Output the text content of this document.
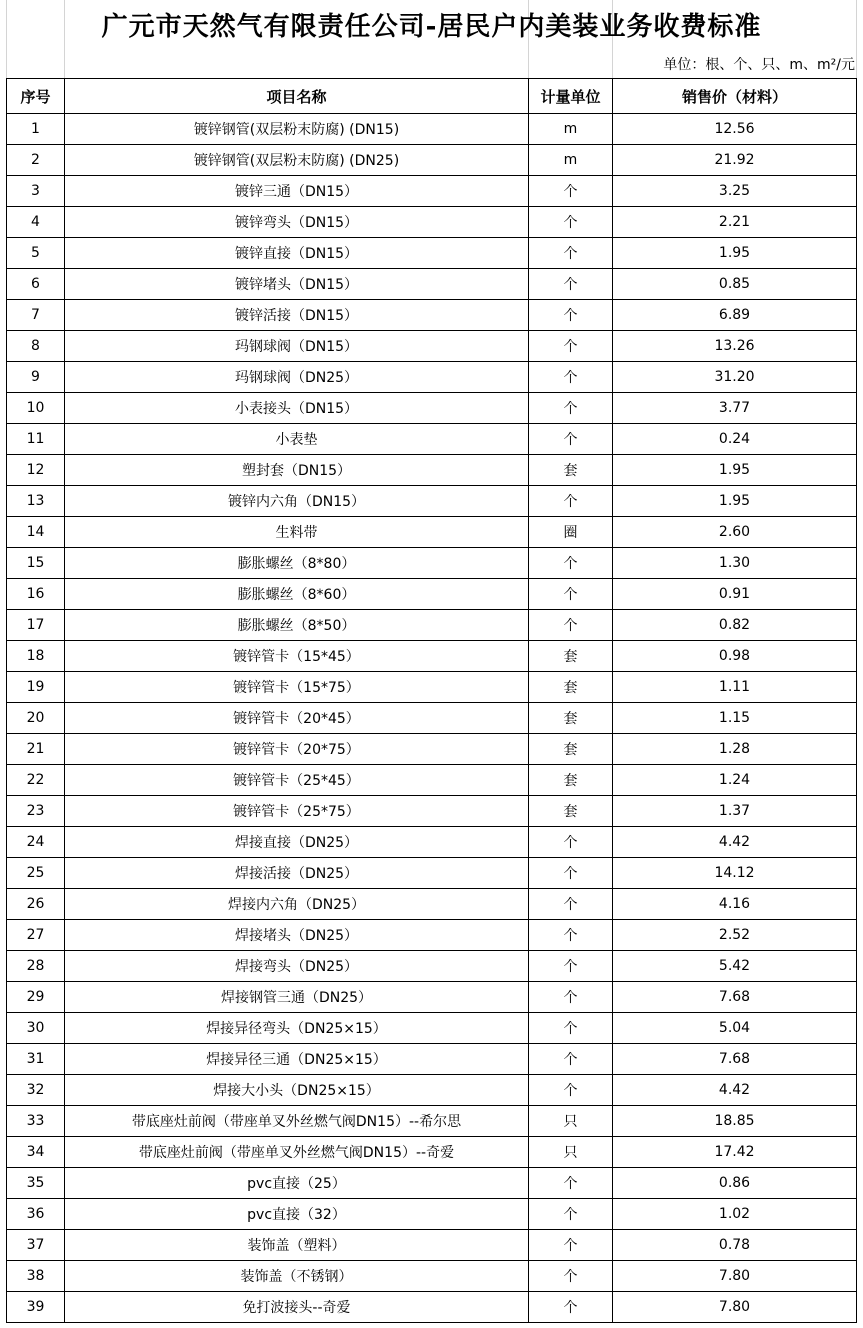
广元市天然气有限责任公司-居民户内美装业务收费标准
单位：根、个、只、m、m²/元
序号	项目名称	计量单位	销售价（材料）
1	镀锌钢管(双层粉末防腐) (DN15)	m	12.56
2	镀锌钢管(双层粉末防腐) (DN25)	m	21.92
3	镀锌三通（DN15）	个	3.25
4	镀锌弯头（DN15）	个	2.21
5	镀锌直接（DN15）	个	1.95
6	镀锌堵头（DN15）	个	0.85
7	镀锌活接（DN15）	个	6.89
8	玛钢球阀（DN15）	个	13.26
9	玛钢球阀（DN25）	个	31.20
10	小表接头（DN15）	个	3.77
11	小表垫	个	0.24
12	塑封套（DN15）	套	1.95
13	镀锌内六角（DN15）	个	1.95
14	生料带	圈	2.60
15	膨胀螺丝（8*80）	个	1.30
16	膨胀螺丝（8*60）	个	0.91
17	膨胀螺丝（8*50）	个	0.82
18	镀锌管卡（15*45）	套	0.98
19	镀锌管卡（15*75）	套	1.11
20	镀锌管卡（20*45）	套	1.15
21	镀锌管卡（20*75）	套	1.28
22	镀锌管卡（25*45）	套	1.24
23	镀锌管卡（25*75）	套	1.37
24	焊接直接（DN25）	个	4.42
25	焊接活接（DN25）	个	14.12
26	焊接内六角（DN25）	个	4.16
27	焊接堵头（DN25）	个	2.52
28	焊接弯头（DN25）	个	5.42
29	焊接钢管三通（DN25）	个	7.68
30	焊接异径弯头（DN25×15）	个	5.04
31	焊接异径三通（DN25×15）	个	7.68
32	焊接大小头（DN25×15）	个	4.42
33	带底座灶前阀（带座单叉外丝燃气阀DN15）--希尔思	只	18.85
34	带底座灶前阀（带座单叉外丝燃气阀DN15）--奇爱	只	17.42
35	pvc直接（25）	个	0.86
36	pvc直接（32）	个	1.02
37	装饰盖（塑料）	个	0.78
38	装饰盖（不锈钢）	个	7.80
39	免打波接头--奇爱	个	7.80
